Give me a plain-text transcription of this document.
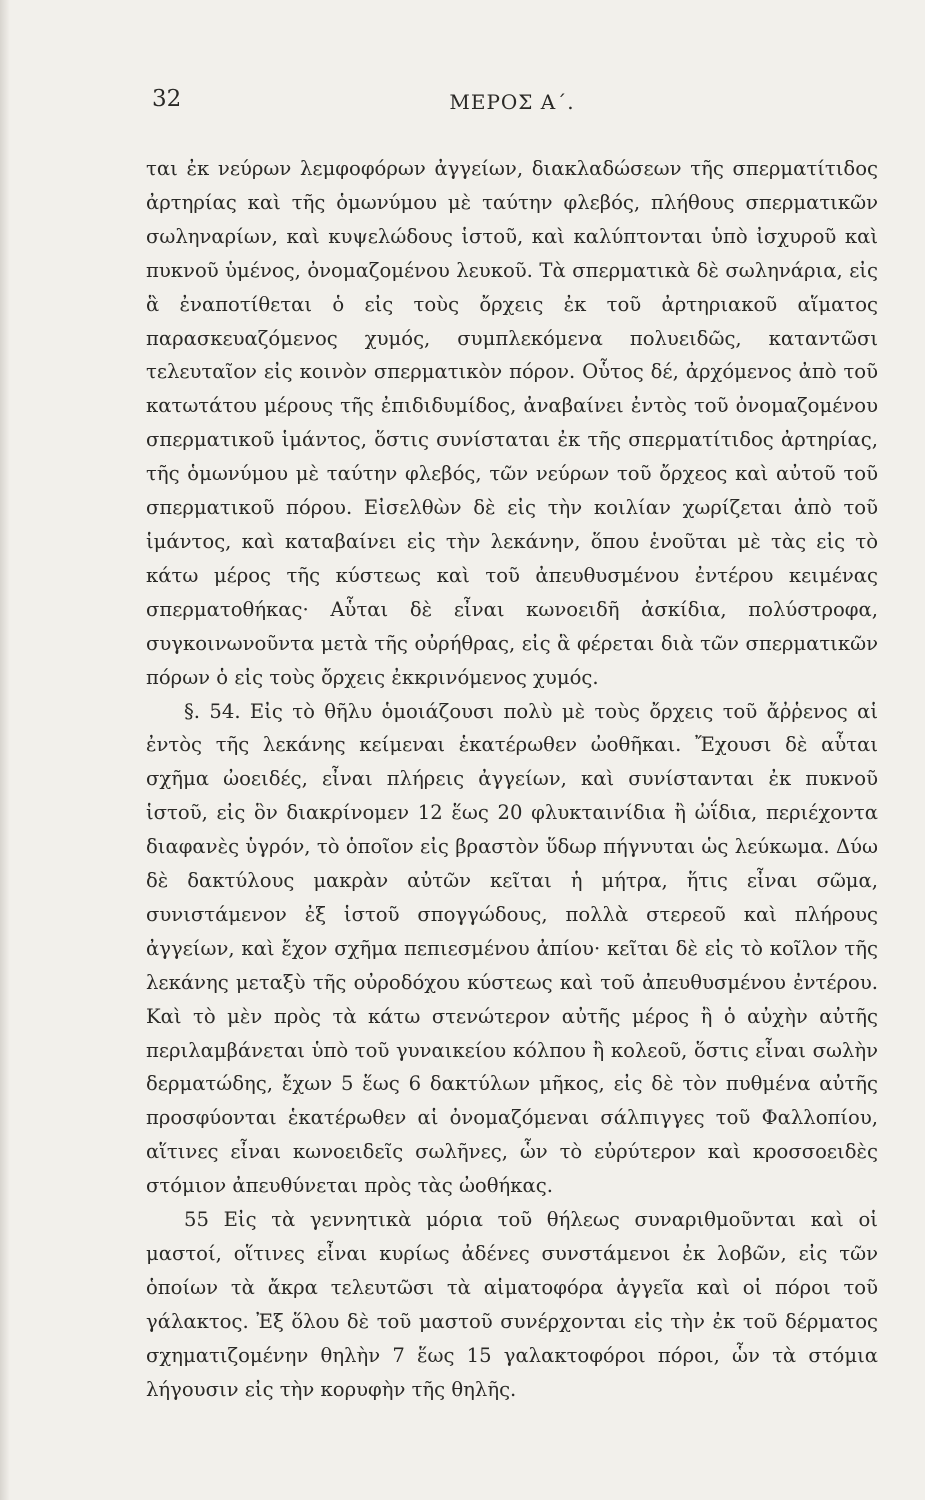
32	ΜΕΡΟΣ Α΄.

ται ἐκ νεύρων λεμφοφόρων ἀγγείων, διακλαδώσεων τῆς σπερματίτιδος ἀρτηρίας καὶ τῆς ὁμωνύμου μὲ ταύτην φλεβός, πλήθους σπερματικῶν σωληναρίων, καὶ κυψελώδους ἱστοῦ, καὶ καλύπτονται ὑπὸ ἰσχυροῦ καὶ πυκνοῦ ὑμένος, ὀνομαζομένου λευκοῦ. Τὰ σπερματικὰ δὲ σωληνάρια, εἰς ἃ ἐναποτίθεται ὁ εἰς τοὺς ὄρχεις ἐκ τοῦ ἀρτηριακοῦ αἵματος παρασκευαζόμενος χυμός, συμπλεκόμενα πολυειδῶς, καταντῶσι τελευταῖον εἰς κοινὸν σπερματικὸν πόρον. Οὗτος δέ, ἀρχόμενος ἀπὸ τοῦ κατωτάτου μέρους τῆς ἐπιδιδυμίδος, ἀναβαίνει ἐντὸς τοῦ ὀνομαζομένου σπερματικοῦ ἱμάντος, ὅστις συνίσταται ἐκ τῆς σπερματίτιδος ἀρτηρίας, τῆς ὁμωνύμου μὲ ταύτην φλεβός, τῶν νεύρων τοῦ ὄρχεος καὶ αὐτοῦ τοῦ σπερματικοῦ πόρου. Εἰσελθὼν δὲ εἰς τὴν κοιλίαν χωρίζεται ἀπὸ τοῦ ἱμάντος, καὶ καταβαίνει εἰς τὴν λεκάνην, ὅπου ἑνοῦται μὲ τὰς εἰς τὸ κάτω μέρος τῆς κύστεως καὶ τοῦ ἀπευθυσμένου ἐντέρου κειμένας σπερματοθήκας· Αὗται δὲ εἶναι κωνοειδῆ ἀσκίδια, πολύστροφα, συγκοινωνοῦντα μετὰ τῆς οὐρήθρας, εἰς ἃ φέρεται διὰ τῶν σπερματικῶν πόρων ὁ εἰς τοὺς ὄρχεις ἐκκρινόμενος χυμός.

§. 54. Εἰς τὸ θῆλυ ὁμοιάζουσι πολὺ μὲ τοὺς ὄρχεις τοῦ ἄῤῥενος αἱ ἐντὸς τῆς λεκάνης κείμεναι ἑκατέρωθεν ὠοθῆκαι. Ἔχουσι δὲ αὗται σχῆμα ὠοειδές, εἶναι πλήρεις ἀγγείων, καὶ συνίστανται ἐκ πυκνοῦ ἱστοῦ, εἰς ὃν διακρίνομεν 12 ἕως 20 φλυκταινίδια ἢ ὠΐδια, περιέχοντα διαφανὲς ὑγρόν, τὸ ὁποῖον εἰς βραστὸν ὕδωρ πήγνυται ὡς λεύκωμα. Δύω δὲ δακτύλους μακρὰν αὐτῶν κεῖται ἡ μήτρα, ἥτις εἶναι σῶμα, συνιστάμενον ἐξ ἱστοῦ σπογγώδους, πολλὰ στερεοῦ καὶ πλήρους ἀγγείων, καὶ ἔχον σχῆμα πεπιεσμένου ἀπίου· κεῖται δὲ εἰς τὸ κοῖλον τῆς λεκάνης μεταξὺ τῆς οὐροδόχου κύστεως καὶ τοῦ ἀπευθυσμένου ἐντέρου. Καὶ τὸ μὲν πρὸς τὰ κάτω στενώτερον αὐτῆς μέρος ἢ ὁ αὐχὴν αὐτῆς περιλαμβάνεται ὑπὸ τοῦ γυναικείου κόλπου ἢ κολεοῦ, ὅστις εἶναι σωλὴν δερματώδης, ἔχων 5 ἕως 6 δακτύλων μῆκος, εἰς δὲ τὸν πυθμένα αὐτῆς προσφύονται ἑκατέρωθεν αἱ ὀνομαζόμεναι σάλπιγγες τοῦ Φαλλοπίου, αἵτινες εἶναι κωνοειδεῖς σωλῆνες, ὧν τὸ εὐρύτερον καὶ κροσσοειδὲς στόμιον ἀπευθύνεται πρὸς τὰς ὠοθήκας.

55 Εἰς τὰ γεννητικὰ μόρια τοῦ θήλεως συναριθμοῦνται καὶ οἱ μαστοί, οἵτινες εἶναι κυρίως ἀδένες συνστάμενοι ἐκ λοβῶν, εἰς τῶν ὁποίων τὰ ἄκρα τελευτῶσι τὰ αἱματοφόρα ἀγγεῖα καὶ οἱ πόροι τοῦ γάλακτος. Ἐξ ὅλου δὲ τοῦ μαστοῦ συνέρχονται εἰς τὴν ἐκ τοῦ δέρματος σχηματιζομένην θηλὴν 7 ἕως 15 γαλακτοφόροι πόροι, ὧν τὰ στόμια λήγουσιν εἰς τὴν κορυφὴν τῆς θηλῆς.
